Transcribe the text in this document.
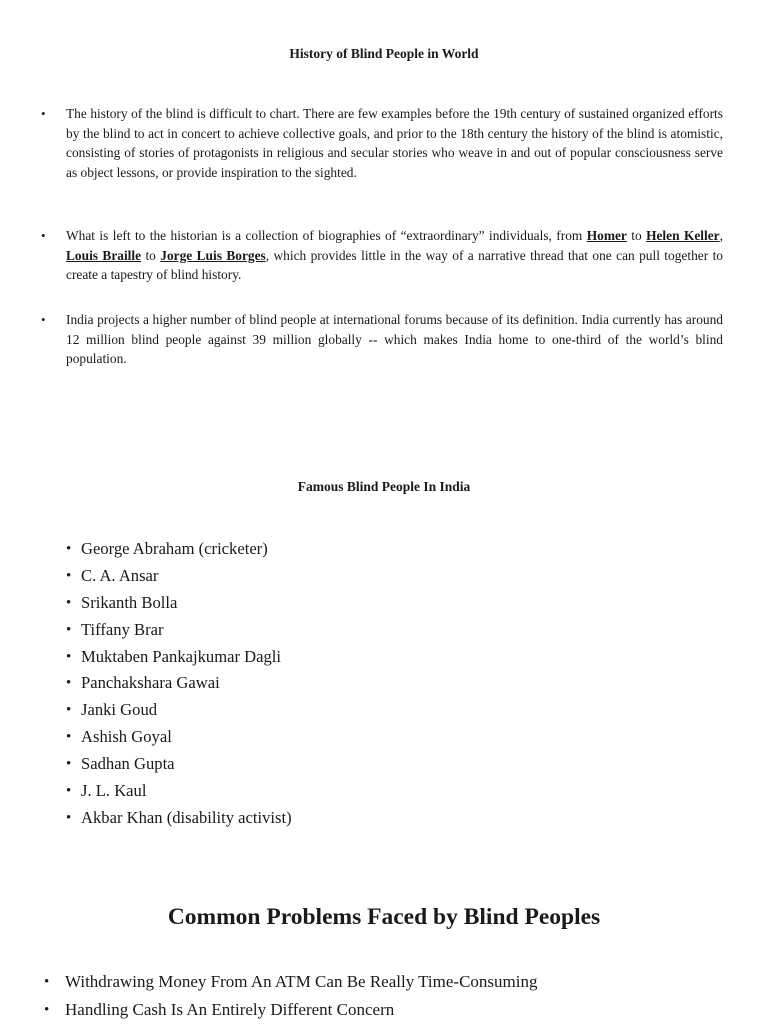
History of Blind People in World
• The history of the blind is difficult to chart. There are few examples before the 19th century of sustained organized efforts by the blind to act in concert to achieve collective goals, and prior to the 18th century the history of the blind is atomistic, consisting of stories of protagonists in religious and secular stories who weave in and out of popular consciousness serve as object lessons, or provide inspiration to the sighted.
• What is left to the historian is a collection of biographies of “extraordinary” individuals, from Homer to Helen Keller, Louis Braille to Jorge Luis Borges, which provides little in the way of a narrative thread that one can pull together to create a tapestry of blind history.
• India projects a higher number of blind people at international forums because of its definition. India currently has around 12 million blind people against 39 million globally -- which makes India home to one-third of the world’s blind population.
Famous Blind People In India
• George Abraham (cricketer)
• C. A. Ansar
• Srikanth Bolla
• Tiffany Brar
• Muktaben Pankajkumar Dagli
• Panchakshara Gawai
• Janki Goud
• Ashish Goyal
• Sadhan Gupta
• J. L. Kaul
• Akbar Khan (disability activist)
Common Problems Faced by Blind Peoples
• Withdrawing Money From An ATM Can Be Really Time-Consuming
• Handling Cash Is An Entirely Different Concern
